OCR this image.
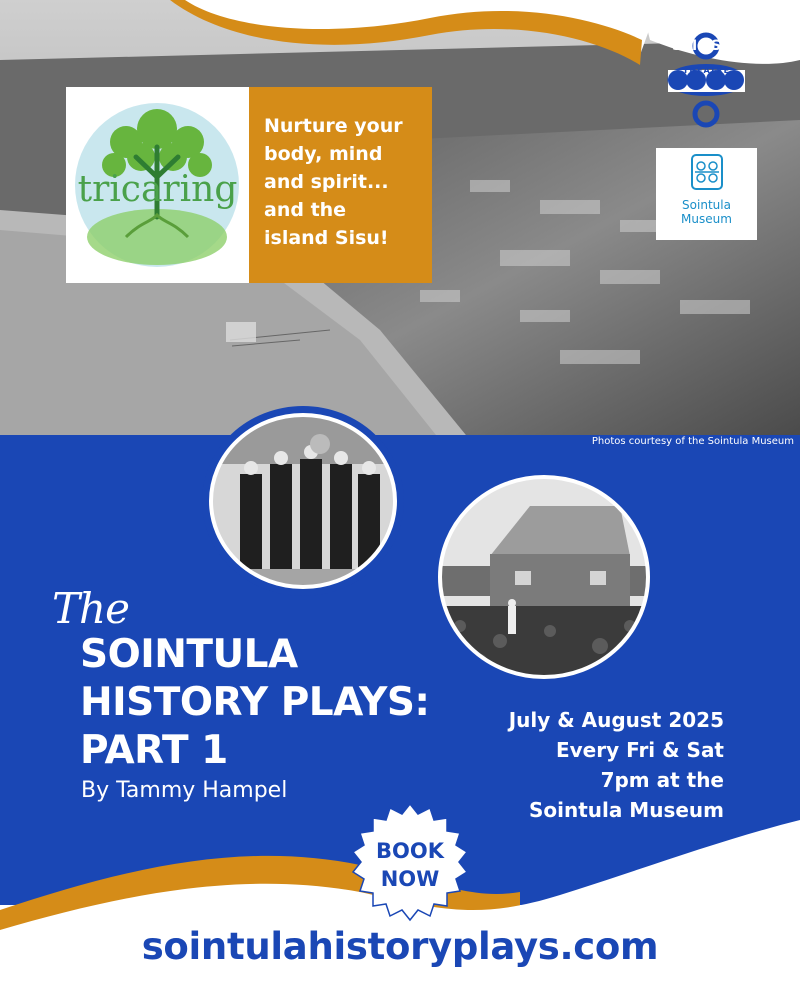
Photos courtesy of the Sointula Museum
tricaring
Nurture your
body, mind
and spirit...
and the
island Sisu!
S I S U
THEATRE
Sointula
Museum
The
SOINTULA
HISTORY PLAYS:
PART 1
By Tammy Hampel
July & August 2025
Every Fri & Sat
7pm at the
Sointula Museum
BOOK
NOW
sointulahistoryplays.com
